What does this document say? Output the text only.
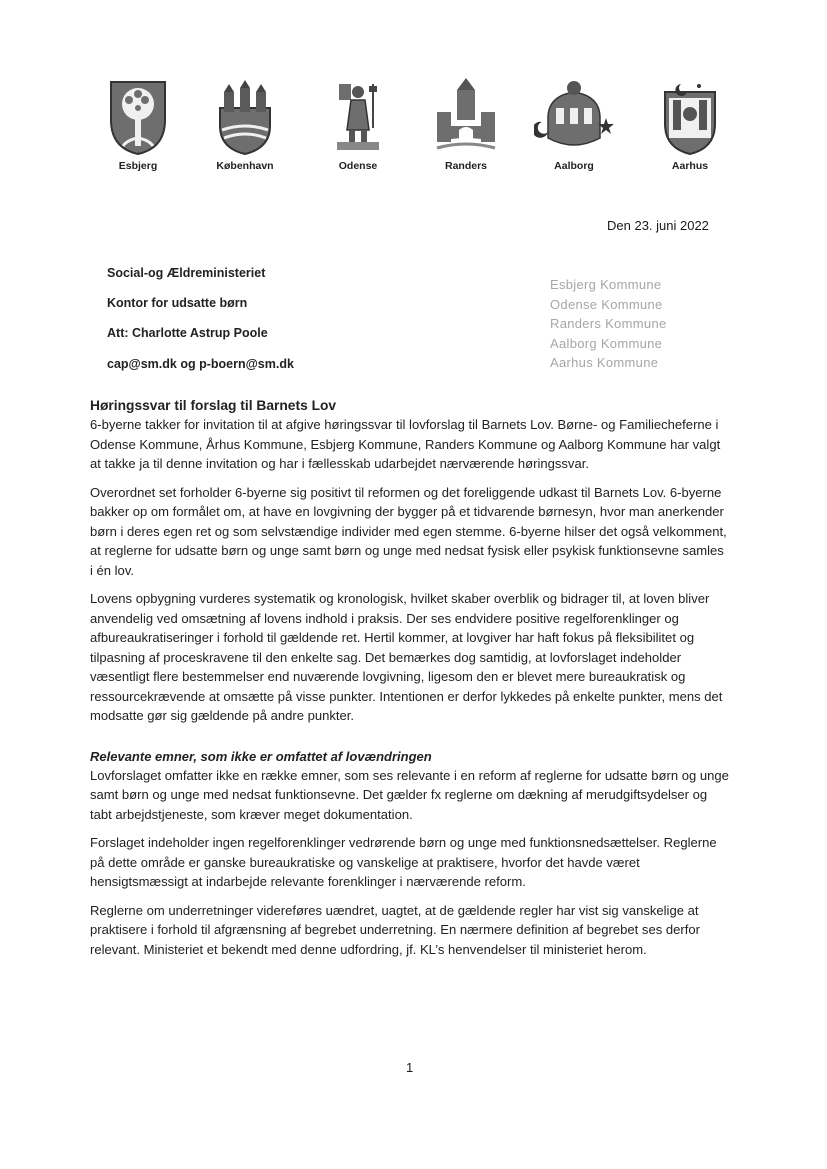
Esbjerg	København	Odense	Randers	Aalborg	Aarhus
Den 23. juni 2022
Social-og Ældreministeriet
Kontor for udsatte børn
Att: Charlotte Astrup Poole
cap@sm.dk og p-boern@sm.dk
Esbjerg Kommune
Odense Kommune
Randers Kommune
Aalborg Kommune
Aarhus Kommune
Høringssvar til forslag til Barnets Lov

6-byerne takker for invitation til at afgive høringssvar til lovforslag til Barnets Lov. Børne- og Familiecheferne i Odense Kommune, Århus Kommune, Esbjerg Kommune, Randers Kommune og Aalborg Kommune har valgt at takke ja til denne invitation og har i fællesskab udarbejdet nærværende høringssvar.

Overordnet set forholder 6-byerne sig positivt til reformen og det foreliggende udkast til Barnets Lov. 6-byerne bakker op om formålet om, at have en lovgivning der bygger på et tidvarende børnesyn, hvor man anerkender børn i deres egen ret og som selvstændige individer med egen stemme. 6-byerne hilser det også velkomment, at reglerne for udsatte børn og unge samt børn og unge med nedsat fysisk eller psykisk funktionsevne samles i én lov.

Lovens opbygning vurderes systematik og kronologisk, hvilket skaber overblik og bidrager til, at loven bliver anvendelig ved omsætning af lovens indhold i praksis. Der ses endvidere positive regelforenklinger og afbureaukratiseringer i forhold til gældende ret. Hertil kommer, at lovgiver har haft fokus på fleksibilitet og tilpasning af proceskravene til den enkelte sag. Det bemærkes dog samtidig, at lovforslaget indeholder væsentligt flere bestemmelser end nuværende lovgivning, ligesom den er blevet mere bureaukratisk og ressourcekrævende at omsætte på visse punkter. Intentionen er derfor lykkedes på enkelte punkter, mens det modsatte gør sig gældende på andre punkter.

Relevante emner, som ikke er omfattet af lovændringen

Lovforslaget omfatter ikke en række emner, som ses relevante i en reform af reglerne for udsatte børn og unge samt børn og unge med nedsat funktionsevne. Det gælder fx reglerne om dækning af merudgiftsydelser og tabt arbejdstjeneste, som kræver meget dokumentation.

Forslaget indeholder ingen regelforenklinger vedrørende børn og unge med funktionsnedsættelser. Reglerne på dette område er ganske bureaukratiske og vanskelige at praktisere, hvorfor det havde været hensigtsmæssigt at indarbejde relevante forenklinger i nærværende reform.

Reglerne om underretninger videreføres uændret, uagtet, at de gældende regler har vist sig vanskelige at praktisere i forhold til afgrænsning af begrebet underretning. En nærmere definition af begrebet ses derfor relevant. Ministeriet et bekendt med denne udfordring, jf. KL’s henvendelser til ministeriet herom.

1
